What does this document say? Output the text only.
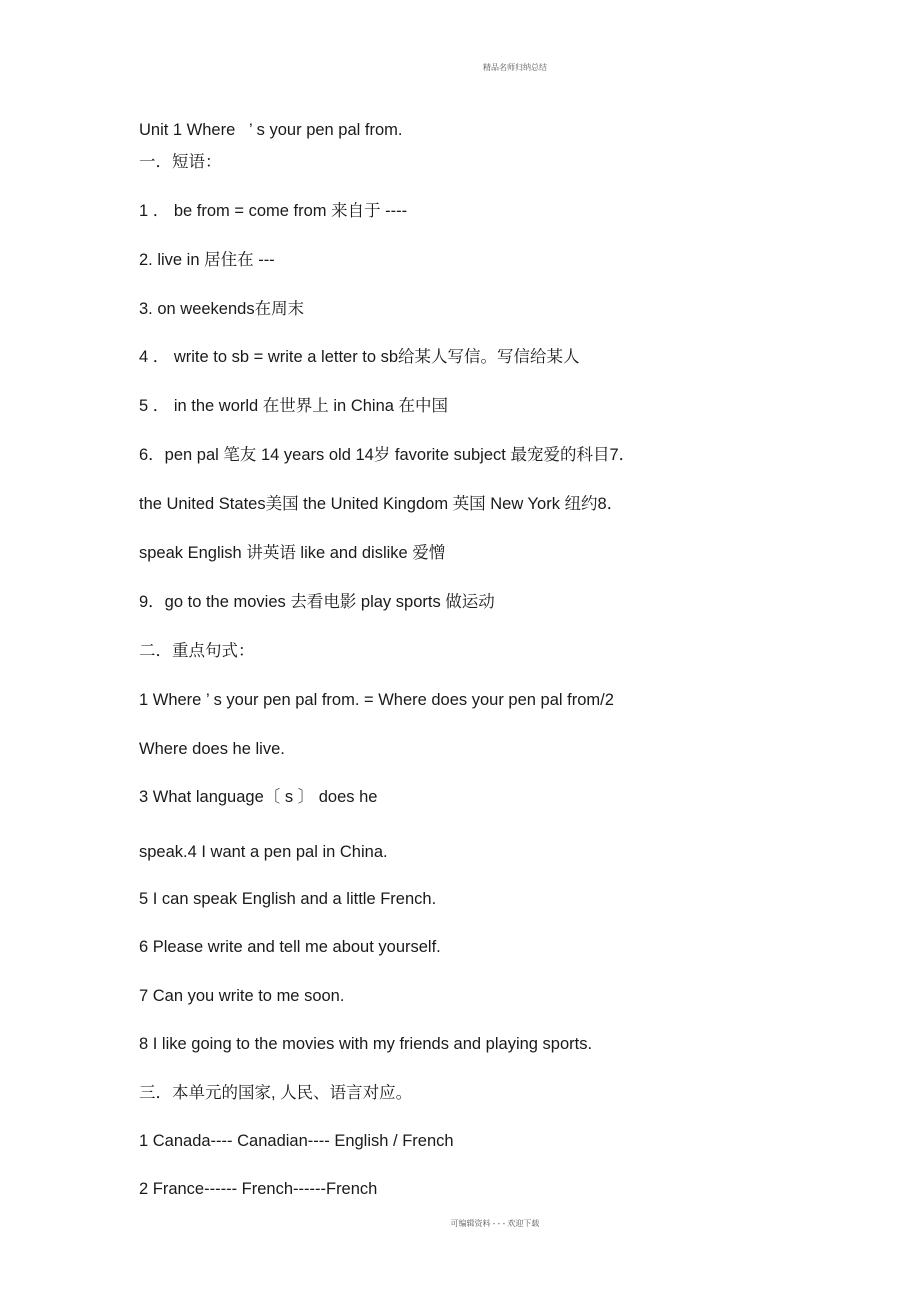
精品名师归纳总结
Unit 1 Where   ’ s your pen pal from.
一．短语：
1 ． be from = come from 来自于 ----
2. live in 居住在 ---
3. on weekends在周末
4 ． write to sb = write a letter to sb给某人写信。写信给某人
5 ． in the world 在世界上 in China 在中国
6．pen pal 笔友 14 years old 14岁 favorite subject 最宠爱的科目7．
the United States美国 the United Kingdom 英国 New York 纽约8．
speak English 讲英语 like and dislike 爱憎
9．go to the movies 去看电影 play sports 做运动
二．重点句式：
1 Where ’ s your pen pal from. = Where does your pen pal from/2
Where does he live.
3 What language〔 s 〕 does he
speak.4 I want a pen pal in China.
5 I can speak English and a little French.
6 Please write and tell me about yourself.
7 Can you write to me soon.
8 I like going to the movies with my friends and playing sports.
三．本单元的国家, 人民、语言对应。
1 Canada---- Canadian---- English / French
2 France------ French------French
可编辑资料 - - - 欢迎下载
